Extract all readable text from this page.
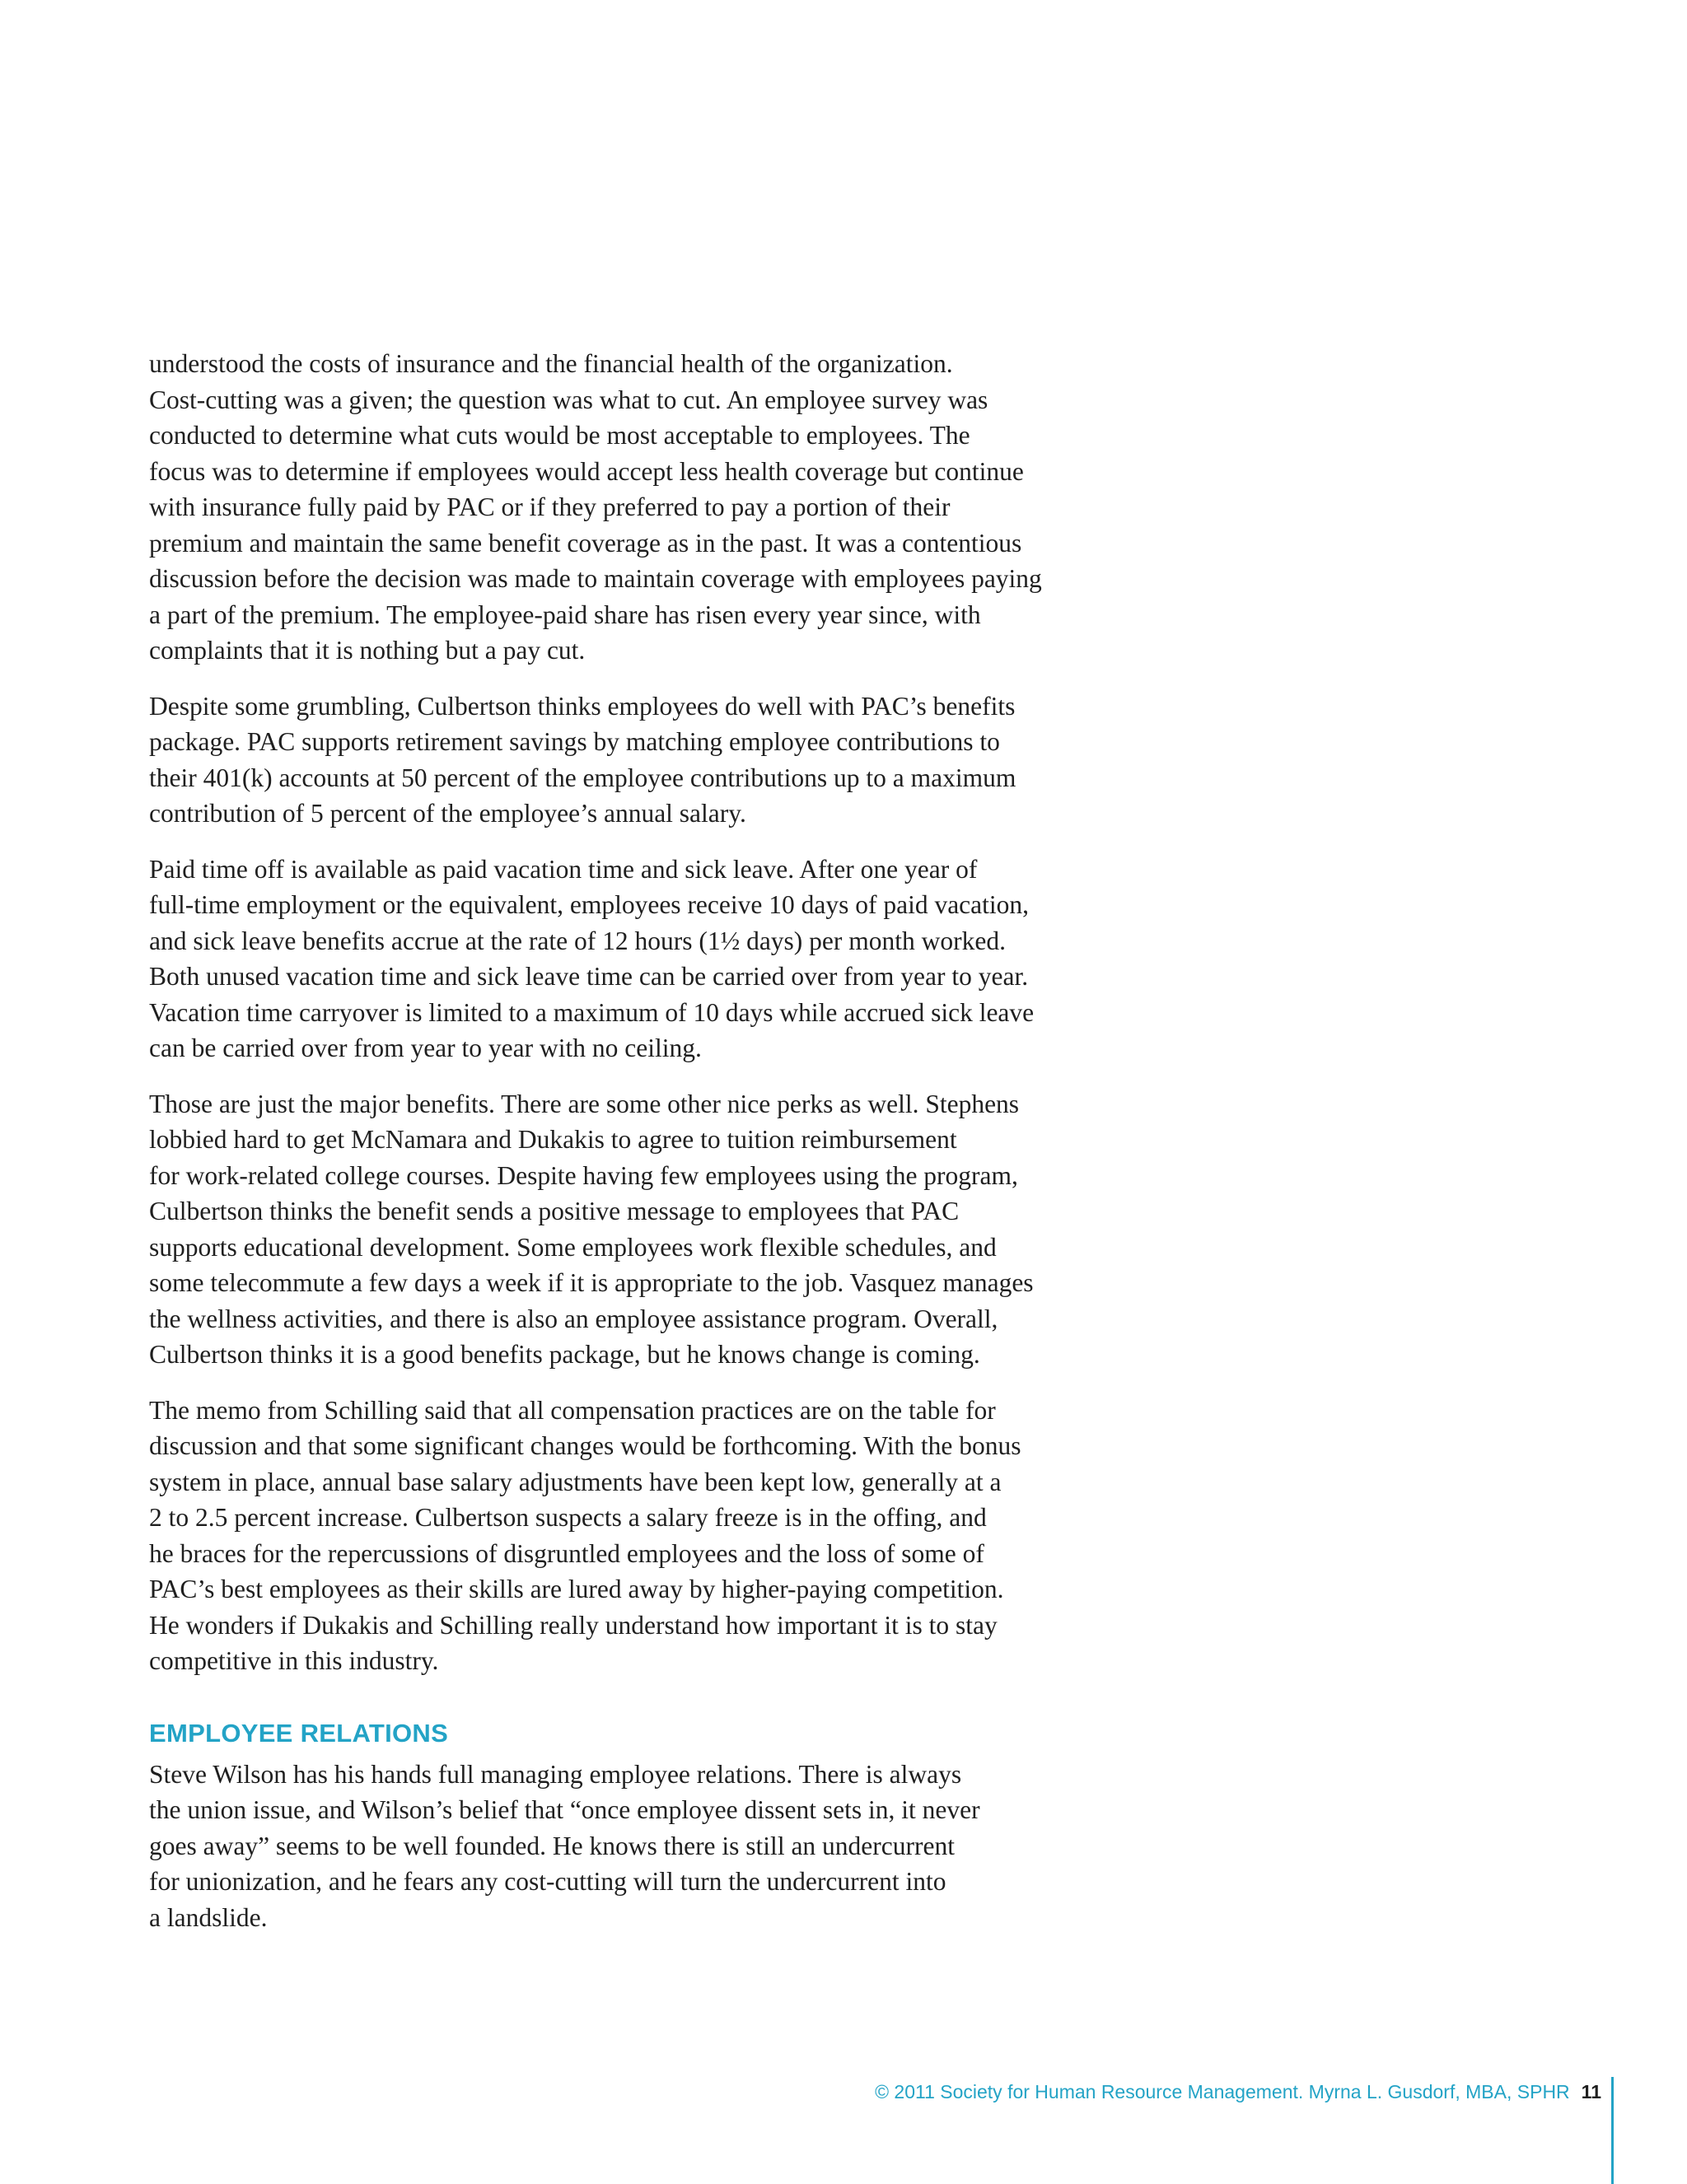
understood the costs of insurance and the financial health of the organization.
Cost-cutting was a given; the question was what to cut. An employee survey was
conducted to determine what cuts would be most acceptable to employees. The
focus was to determine if employees would accept less health coverage but continue
with insurance fully paid by PAC or if they preferred to pay a portion of their
premium and maintain the same benefit coverage as in the past. It was a contentious
discussion before the decision was made to maintain coverage with employees paying
a part of the premium. The employee-paid share has risen every year since, with
complaints that it is nothing but a pay cut.

Despite some grumbling, Culbertson thinks employees do well with PAC’s benefits
package. PAC supports retirement savings by matching employee contributions to
their 401(k) accounts at 50 percent of the employee contributions up to a maximum
contribution of 5 percent of the employee’s annual salary.

Paid time off is available as paid vacation time and sick leave. After one year of
full-time employment or the equivalent, employees receive 10 days of paid vacation,
and sick leave benefits accrue at the rate of 12 hours (1½ days) per month worked.
Both unused vacation time and sick leave time can be carried over from year to year.
Vacation time carryover is limited to a maximum of 10 days while accrued sick leave
can be carried over from year to year with no ceiling.

Those are just the major benefits. There are some other nice perks as well. Stephens
lobbied hard to get McNamara and Dukakis to agree to tuition reimbursement
for work-related college courses. Despite having few employees using the program,
Culbertson thinks the benefit sends a positive message to employees that PAC
supports educational development. Some employees work flexible schedules, and
some telecommute a few days a week if it is appropriate to the job. Vasquez manages
the wellness activities, and there is also an employee assistance program. Overall,
Culbertson thinks it is a good benefits package, but he knows change is coming.

The memo from Schilling said that all compensation practices are on the table for
discussion and that some significant changes would be forthcoming. With the bonus
system in place, annual base salary adjustments have been kept low, generally at a
2 to 2.5 percent increase. Culbertson suspects a salary freeze is in the offing, and
he braces for the repercussions of disgruntled employees and the loss of some of
PAC’s best employees as their skills are lured away by higher-paying competition.
He wonders if Dukakis and Schilling really understand how important it is to stay
competitive in this industry.

EMPLOYEE RELATIONS

Steve Wilson has his hands full managing employee relations. There is always
the union issue, and Wilson’s belief that “once employee dissent sets in, it never
goes away” seems to be well founded. He knows there is still an undercurrent
for unionization, and he fears any cost-cutting will turn the undercurrent into
a landslide.

© 2011 Society for Human Resource Management. Myrna L. Gusdorf, MBA, SPHR 11
